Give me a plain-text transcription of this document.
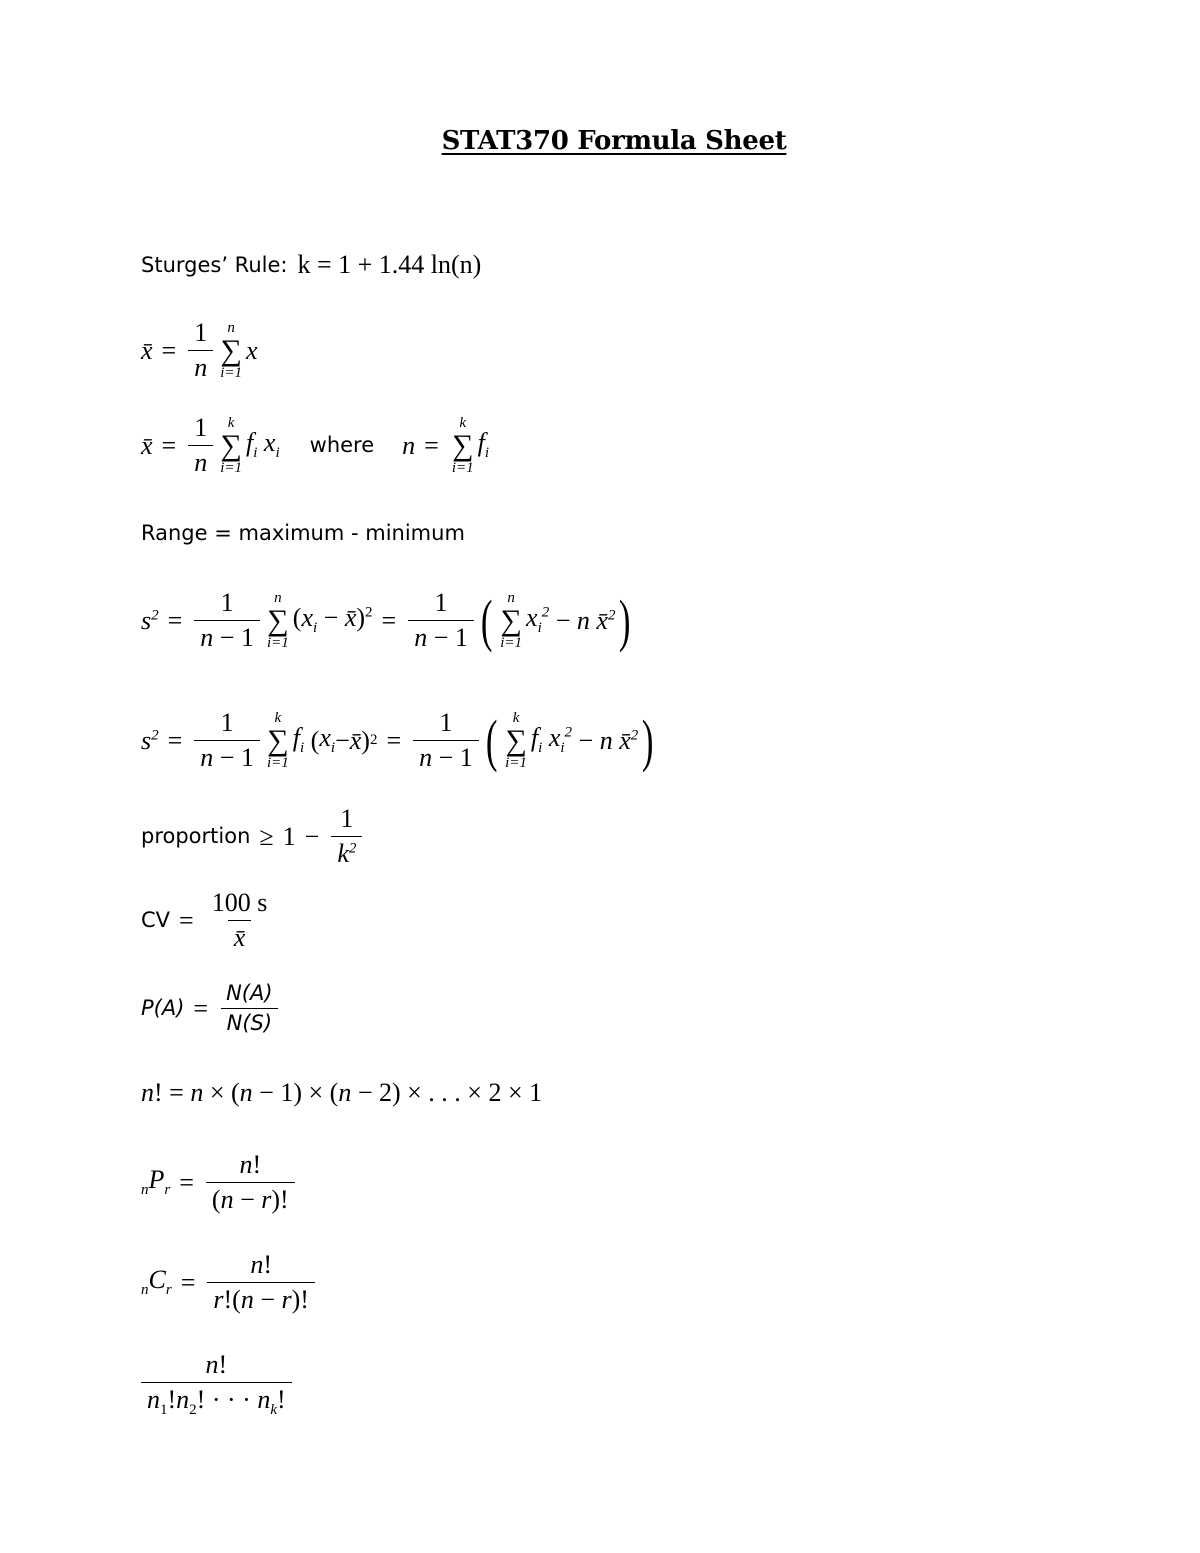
STAT370 Formula Sheet
Sturges’ Rule: k = 1 + 1.44 ln(n)
x̄ = $\frac{1}{n}$ n
∑
i=1
x
x̄ = $\frac{1}{n}$ k
∑
i=1
$f_i$ $x_i$ where n =
k
∑
i=1
$f_i$
Range = maximum - minimum
$s^2 = \frac{1}{n - 1}$ n
∑
i=1
($x_i$ − x̄)$^2$ = $\frac{1}{n - 1}$ ( n
∑
i=1
$x_i^2 - n$ x̄$^2$ )
$s^2 = \frac{1}{n - 1}$ k
∑
i=1
$f_i$ ( $x_i$ − x̄ ) $2 = \frac{1}{n - 1}$ ( k
∑
i=1
$f_i$ $x_i^2 - n$ x̄$^2$ )
proportion ≥ $1 - \frac{1}{k^2}$
CV = $\frac{100 s}{x̄}$
$P(A) = \frac{N(A)}{N(S)}$
n! = n × (n − 1) × (n − 2) × . . . × 2 × 1
$_nP_r = \frac{n!}{(n - r)!}$
$_nC_r = \frac{n!}{r!(n - r)!}$
$\frac{n!}{n_1!n_2! \cdot \cdot \cdot n_k!}$
